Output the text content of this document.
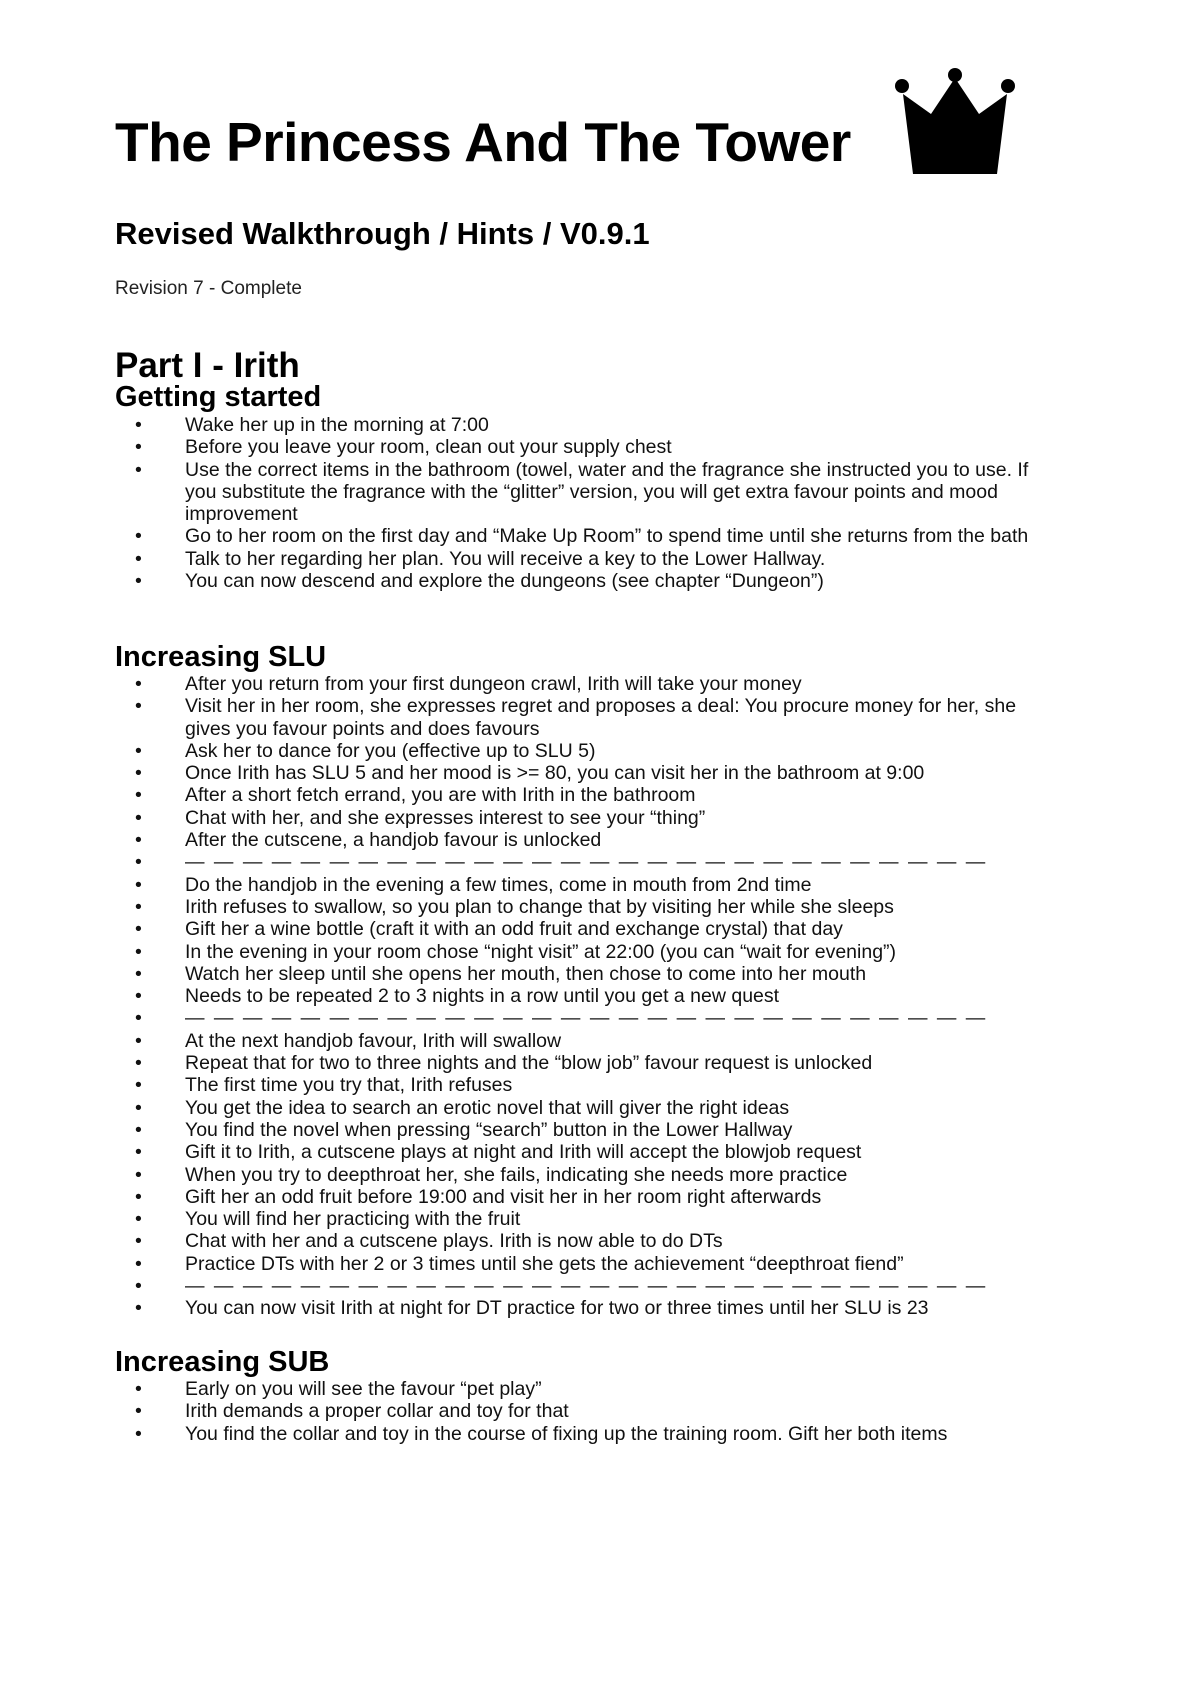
The Princess And The Tower
Revised Walkthrough / Hints / V0.9.1
Revision 7 - Complete
Part I - Irith
Getting started
• Wake her up in the morning at 7:00
• Before you leave your room, clean out your supply chest
• Use the correct items in the bathroom (towel, water and the fragrance she instructed you to use. If you substitute the fragrance with the “glitter” version, you will get extra favour points and mood improvement
• Go to her room on the first day and “Make Up Room” to spend time until she returns from the bath
• Talk to her regarding her plan. You will receive a key to the Lower Hallway.
• You can now descend and explore the dungeons (see chapter “Dungeon”)
Increasing SLU
• After you return from your first dungeon crawl, Irith will take your money
• Visit her in her room, she expresses regret and proposes a deal: You procure money for her, she gives you favour points and does favours
• Ask her to dance for you (effective up to SLU 5)
• Once Irith has SLU 5 and her mood is >= 80, you can visit her in the bathroom at 9:00
• After a short fetch errand, you are with Irith in the bathroom
• Chat with her, and she expresses interest to see your “thing”
• After the cutscene, a handjob favour is unlocked
• — — — — — — — — — — — — — — — — — — — — — — — — — — — —
• Do the handjob in the evening a few times, come in mouth from 2nd time
• Irith refuses to swallow, so you plan to change that by visiting her while she sleeps
• Gift her a wine bottle (craft it with an odd fruit and exchange crystal) that day
• In the evening in your room chose “night visit” at 22:00 (you can “wait for evening”)
• Watch her sleep until she opens her mouth, then chose to come into her mouth
• Needs to be repeated 2 to 3 nights in a row until you get a new quest
• — — — — — — — — — — — — — — — — — — — — — — — — — — — —
• At the next handjob favour, Irith will swallow
• Repeat that for two to three nights and the “blow job” favour request is unlocked
• The first time you try that, Irith refuses
• You get the idea to search an erotic novel that will giver the right ideas
• You find the novel when pressing “search” button in the Lower Hallway
• Gift it to Irith, a cutscene plays at night and Irith will accept the blowjob request
• When you try to deepthroat her, she fails, indicating she needs more practice
• Gift her an odd fruit before 19:00 and visit her in her room right afterwards
• You will find her practicing with the fruit
• Chat with her and a cutscene plays. Irith is now able to do DTs
• Practice DTs with her 2 or 3 times until she gets the achievement “deepthroat fiend”
• — — — — — — — — — — — — — — — — — — — — — — — — — — — —
• You can now visit Irith at night for DT practice for two or three times until her SLU is 23
Increasing SUB
• Early on you will see the favour “pet play”
• Irith demands a proper collar and toy for that
• You find the collar and toy in the course of fixing up the training room. Gift her both items
